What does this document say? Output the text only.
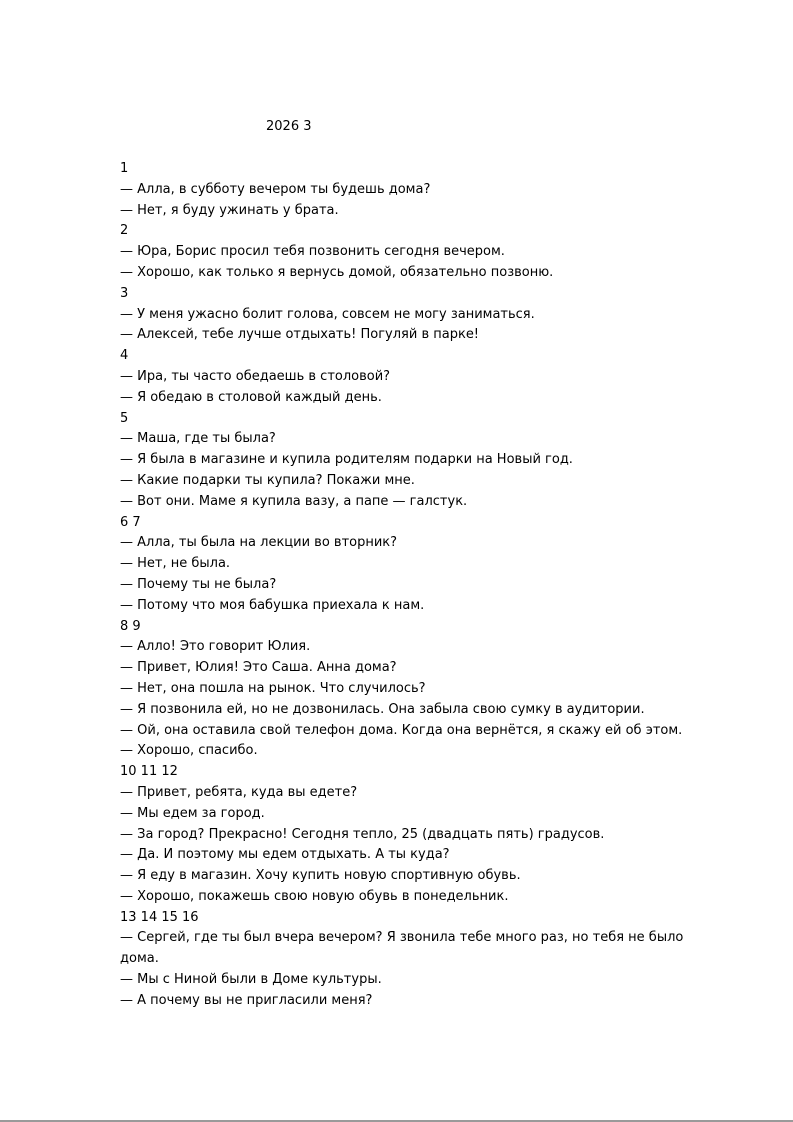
2026 3
1
— Алла, в субботу вечером ты будешь дома?
— Нет, я буду ужинать у брата.
2
— Юра, Борис просил тебя позвонить сегодня вечером.
— Хорошо, как только я вернусь домой, обязательно позвоню.
3
— У меня ужасно болит голова, совсем не могу заниматься.
— Алексей, тебе лучше отдыхать! Погуляй в парке!
4
— Ира, ты часто обедаешь в столовой?
— Я обедаю в столовой каждый день.
5
— Маша, где ты была?
— Я была в магазине и купила родителям подарки на Новый год.
— Какие подарки ты купила? Покажи мне.
— Вот они. Маме я купила вазу, а папе — галстук.
6 7
— Алла, ты была на лекции во вторник?
— Нет, не была.
— Почему ты не была?
— Потому что моя бабушка приехала к нам.
8 9
— Алло! Это говорит Юлия.
— Привет, Юлия! Это Саша. Анна дома?
— Нет, она пошла на рынок. Что случилось?
— Я позвонила ей, но не дозвонилась. Она забыла свою сумку в аудитории.
— Ой, она оставила свой телефон дома. Когда она вернётся, я скажу ей об этом.
— Хорошо, спасибо.
10 11 12
— Привет, ребята, куда вы едете?
— Мы едем за город.
— За город? Прекрасно! Сегодня тепло, 25 (двадцать пять) градусов.
— Да. И поэтому мы едем отдыхать. А ты куда?
— Я еду в магазин. Хочу купить новую спортивную обувь.
— Хорошо, покажешь свою новую обувь в понедельник.
13 14 15 16
— Сергей, где ты был вчера вечером? Я звонила тебе много раз, но тебя не было дома.
— Мы с Ниной были в Доме культуры.
— А почему вы не пригласили меня?
